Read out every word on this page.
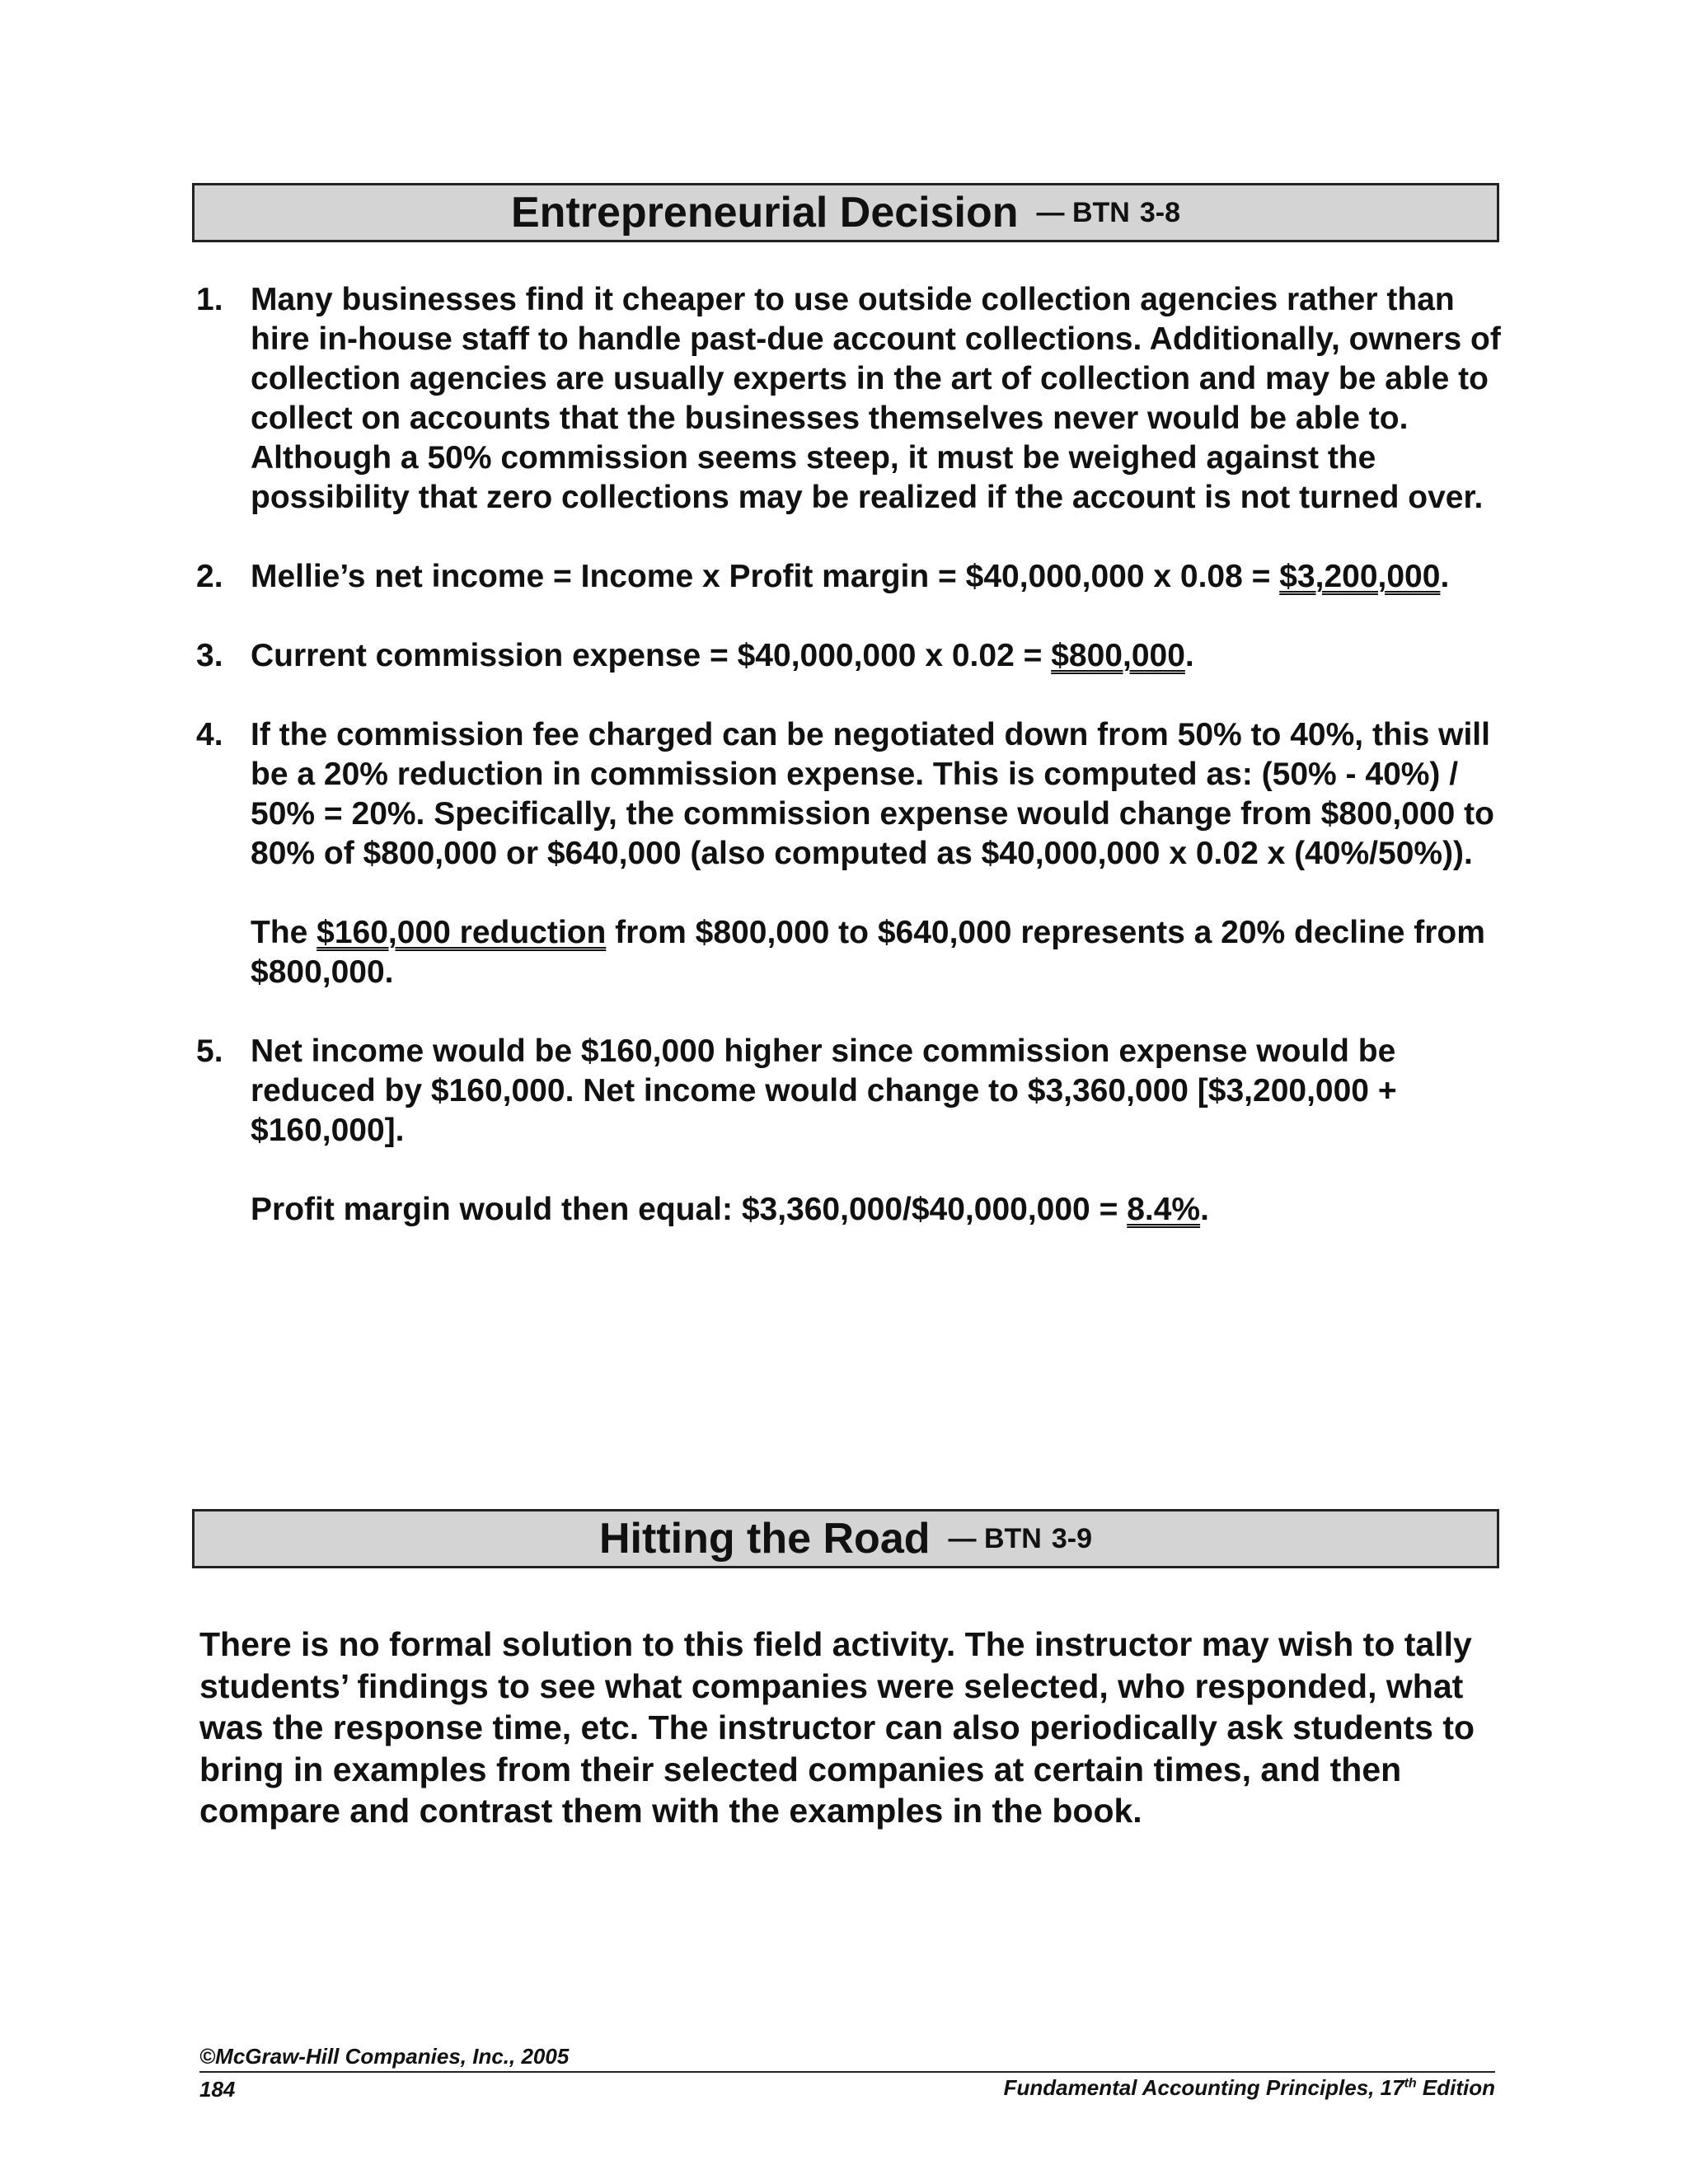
Entrepreneurial Decision — BTN 3-8
1. Many businesses find it cheaper to use outside collection agencies rather than hire in-house staff to handle past-due account collections. Additionally, owners of collection agencies are usually experts in the art of collection and may be able to collect on accounts that the businesses themselves never would be able to. Although a 50% commission seems steep, it must be weighed against the possibility that zero collections may be realized if the account is not turned over.

2. Mellie’s net income = Income x Profit margin = $40,000,000 x 0.08 = $3,200,000.

3. Current commission expense = $40,000,000 x 0.02 = $800,000.

4. If the commission fee charged can be negotiated down from 50% to 40%, this will be a 20% reduction in commission expense. This is computed as: (50% - 40%) / 50% = 20%. Specifically, the commission expense would change from $800,000 to 80% of $800,000 or $640,000 (also computed as $40,000,000 x 0.02 x (40%/50%)).

The $160,000 reduction from $800,000 to $640,000 represents a 20% decline from $800,000.

5. Net income would be $160,000 higher since commission expense would be reduced by $160,000. Net income would change to $3,360,000 [$3,200,000 + $160,000].

Profit margin would then equal: $3,360,000/$40,000,000 = 8.4%.

Hitting the Road — BTN 3-9

There is no formal solution to this field activity. The instructor may wish to tally students’ findings to see what companies were selected, who responded, what was the response time, etc. The instructor can also periodically ask students to bring in examples from their selected companies at certain times, and then compare and contrast them with the examples in the book.

©McGraw-Hill Companies, Inc., 2005
184	Fundamental Accounting Principles, 17th Edition
